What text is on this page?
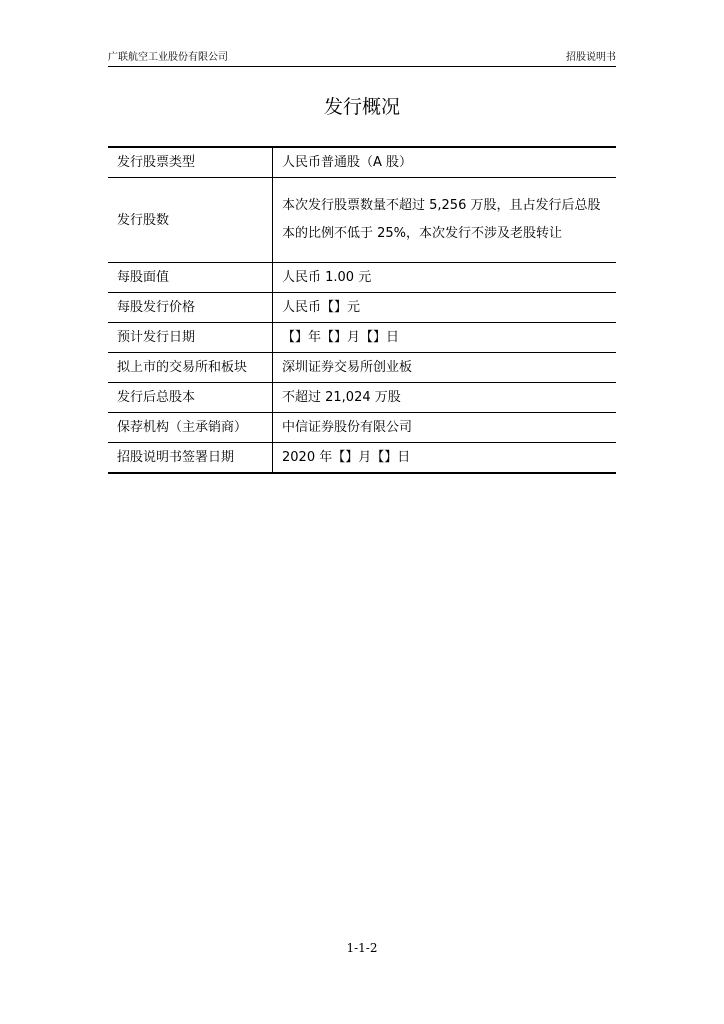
广联航空工业股份有限公司	招股说明书
发行概况
发行股票类型	人民币普通股（A 股）
发行股数	本次发行股票数量不超过 5,256 万股，且占发行后总股本的比例不低于 25%，本次发行不涉及老股转让
每股面值	人民币 1.00 元
每股发行价格	人民币【】元
预计发行日期	【】年【】月【】日
拟上市的交易所和板块	深圳证券交易所创业板
发行后总股本	不超过 21,024 万股
保荐机构（主承销商）	中信证券股份有限公司
招股说明书签署日期	2020 年【】月【】日
1-1-2
